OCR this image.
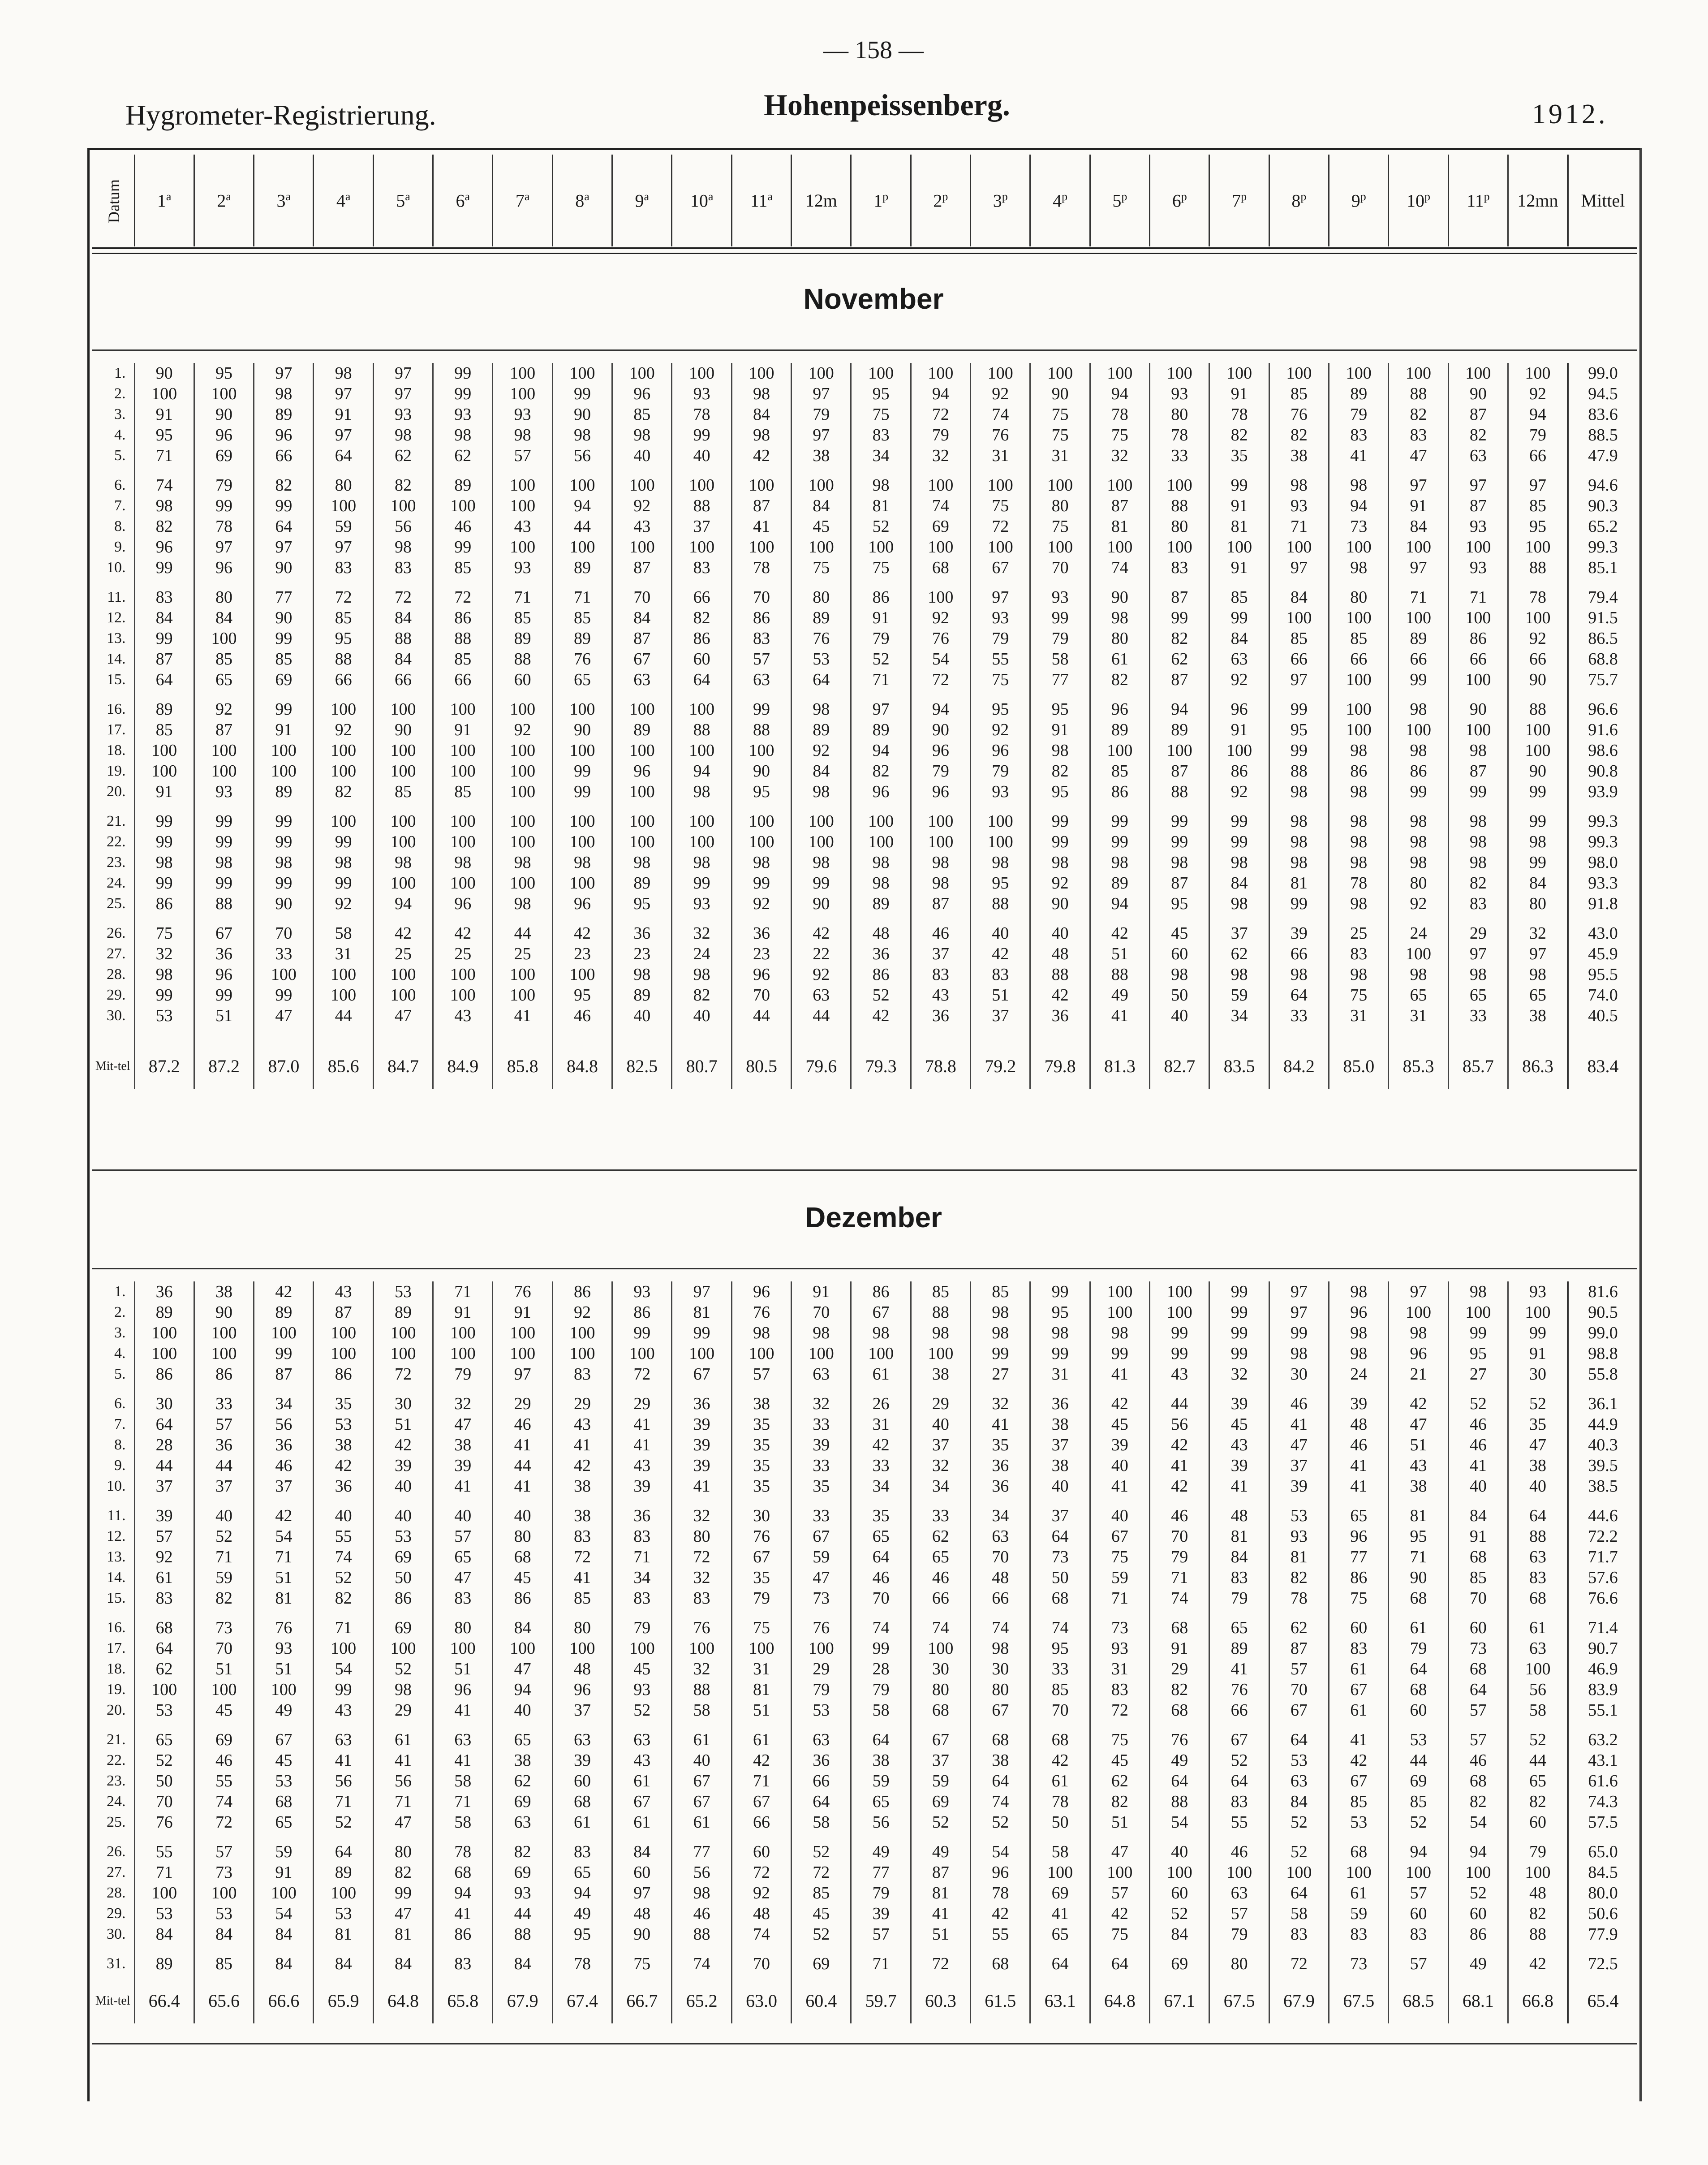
— 158 —
Hygrometer-Registrierung.	Hohenpeissenberg.	1912.
Datum	1$^a$	2$^a$	3$^a$	4$^a$	5$^a$	6$^a$	7$^a$	8$^a$	9$^a$	10$^a$	11$^a$	12m	1$^p$	2$^p$	3$^p$	4$^p$	5$^p$	6$^p$	7$^p$	8$^p$	9$^p$	10$^p$	11$^p$	12mn	Mittel
November
1.	90	95	97	98	97	99	100	100	100	100	100	100	100	100	100	100	100	100	100	100	100	100	100	100	99.0
2.	100	100	98	97	97	99	100	99	96	93	98	97	95	94	92	90	94	93	91	85	89	88	90	92	94.5
3.	91	90	89	91	93	93	93	90	85	78	84	79	75	72	74	75	78	80	78	76	79	82	87	94	83.6
4.	95	96	96	97	98	98	98	98	98	99	98	97	83	79	76	75	75	78	82	82	83	83	82	79	88.5
5.	71	69	66	64	62	62	57	56	40	40	42	38	34	32	31	31	32	33	35	38	41	47	63	66	47.9

6.	74	79	82	80	82	89	100	100	100	100	100	100	98	100	100	100	100	100	99	98	98	97	97	97	94.6
7.	98	99	99	100	100	100	100	94	92	88	87	84	81	74	75	80	87	88	91	93	94	91	87	85	90.3
8.	82	78	64	59	56	46	43	44	43	37	41	45	52	69	72	75	81	80	81	71	73	84	93	95	65.2
9.	96	97	97	97	98	99	100	100	100	100	100	100	100	100	100	100	100	100	100	100	100	100	100	100	99.3
10.	99	96	90	83	83	85	93	89	87	83	78	75	75	68	67	70	74	83	91	97	98	97	93	88	85.1

11.	83	80	77	72	72	72	71	71	70	66	70	80	86	100	97	93	90	87	85	84	80	71	71	78	79.4
12.	84	84	90	85	84	86	85	85	84	82	86	89	91	92	93	99	98	99	99	100	100	100	100	100	91.5
13.	99	100	99	95	88	88	89	89	87	86	83	76	79	76	79	79	80	82	84	85	85	89	86	92	86.5
14.	87	85	85	88	84	85	88	76	67	60	57	53	52	54	55	58	61	62	63	66	66	66	66	66	68.8
15.	64	65	69	66	66	66	60	65	63	64	63	64	71	72	75	77	82	87	92	97	100	99	100	90	75.7

16.	89	92	99	100	100	100	100	100	100	100	99	98	97	94	95	95	96	94	96	99	100	98	90	88	96.6
17.	85	87	91	92	90	91	92	90	89	88	88	89	89	90	92	91	89	89	91	95	100	100	100	100	91.6
18.	100	100	100	100	100	100	100	100	100	100	100	92	94	96	96	98	100	100	100	99	98	98	98	100	98.6
19.	100	100	100	100	100	100	100	99	96	94	90	84	82	79	79	82	85	87	86	88	86	86	87	90	90.8
20.	91	93	89	82	85	85	100	99	100	98	95	98	96	96	93	95	86	88	92	98	98	99	99	99	93.9

21.	99	99	99	100	100	100	100	100	100	100	100	100	100	100	100	99	99	99	99	98	98	98	98	99	99.3
22.	99	99	99	99	100	100	100	100	100	100	100	100	100	100	100	99	99	99	99	98	98	98	98	98	99.3
23.	98	98	98	98	98	98	98	98	98	98	98	98	98	98	98	98	98	98	98	98	98	98	98	99	98.0
24.	99	99	99	99	100	100	100	100	89	99	99	99	98	98	95	92	89	87	84	81	78	80	82	84	93.3
25.	86	88	90	92	94	96	98	96	95	93	92	90	89	87	88	90	94	95	98	99	98	92	83	80	91.8

26.	75	67	70	58	42	42	44	42	36	32	36	42	48	46	40	40	42	45	37	39	25	24	29	32	43.0
27.	32	36	33	31	25	25	25	23	23	24	23	22	36	37	42	48	51	60	62	66	83	100	97	97	45.9
28.	98	96	100	100	100	100	100	100	98	98	96	92	86	83	83	88	88	98	98	98	98	98	98	98	95.5
29.	99	99	99	100	100	100	100	95	89	82	70	63	52	43	51	42	49	50	59	64	75	65	65	65	74.0
30.	53	51	47	44	47	43	41	46	40	40	44	44	42	36	37	36	41	40	34	33	31	31	33	38	40.5

Mit-tel	87.2	87.2	87.0	85.6	84.7	84.9	85.8	84.8	82.5	80.7	80.5	79.6	79.3	78.8	79.2	79.8	81.3	82.7	83.5	84.2	85.0	85.3	85.7	86.3	83.4
Dezember
1.	36	38	42	43	53	71	76	86	93	97	96	91	86	85	85	99	100	100	99	97	98	97	98	93	81.6
2.	89	90	89	87	89	91	91	92	86	81	76	70	67	88	98	95	100	100	99	97	96	100	100	100	90.5
3.	100	100	100	100	100	100	100	100	99	99	98	98	98	98	98	98	98	99	99	99	98	98	99	99	99.0
4.	100	100	99	100	100	100	100	100	100	100	100	100	100	100	99	99	99	99	99	98	98	96	95	91	98.8
5.	86	86	87	86	72	79	97	83	72	67	57	63	61	38	27	31	41	43	32	30	24	21	27	30	55.8

6.	30	33	34	35	30	32	29	29	29	36	38	32	26	29	32	36	42	44	39	46	39	42	52	52	36.1
7.	64	57	56	53	51	47	46	43	41	39	35	33	31	40	41	38	45	56	45	41	48	47	46	35	44.9
8.	28	36	36	38	42	38	41	41	41	39	35	39	42	37	35	37	39	42	43	47	46	51	46	47	40.3
9.	44	44	46	42	39	39	44	42	43	39	35	33	33	32	36	38	40	41	39	37	41	43	41	38	39.5
10.	37	37	37	36	40	41	41	38	39	41	35	35	34	34	36	40	41	42	41	39	41	38	40	40	38.5

11.	39	40	42	40	40	40	40	38	36	32	30	33	35	33	34	37	40	46	48	53	65	81	84	64	44.6
12.	57	52	54	55	53	57	80	83	83	80	76	67	65	62	63	64	67	70	81	93	96	95	91	88	72.2
13.	92	71	71	74	69	65	68	72	71	72	67	59	64	65	70	73	75	79	84	81	77	71	68	63	71.7
14.	61	59	51	52	50	47	45	41	34	32	35	47	46	46	48	50	59	71	83	82	86	90	85	83	57.6
15.	83	82	81	82	86	83	86	85	83	83	79	73	70	66	66	68	71	74	79	78	75	68	70	68	76.6

16.	68	73	76	71	69	80	84	80	79	76	75	76	74	74	74	74	73	68	65	62	60	61	60	61	71.4
17.	64	70	93	100	100	100	100	100	100	100	100	100	99	100	98	95	93	91	89	87	83	79	73	63	90.7
18.	62	51	51	54	52	51	47	48	45	32	31	29	28	30	30	33	31	29	41	57	61	64	68	100	46.9
19.	100	100	100	99	98	96	94	96	93	88	81	79	79	80	80	85	83	82	76	70	67	68	64	56	83.9
20.	53	45	49	43	29	41	40	37	52	58	51	53	58	68	67	70	72	68	66	67	61	60	57	58	55.1

21.	65	69	67	63	61	63	65	63	63	61	61	63	64	67	68	68	75	76	67	64	41	53	57	52	63.2
22.	52	46	45	41	41	41	38	39	43	40	42	36	38	37	38	42	45	49	52	53	42	44	46	44	43.1
23.	50	55	53	56	56	58	62	60	61	67	71	66	59	59	64	61	62	64	64	63	67	69	68	65	61.6
24.	70	74	68	71	71	71	69	68	67	67	67	64	65	69	74	78	82	88	83	84	85	85	82	82	74.3
25.	76	72	65	52	47	58	63	61	61	61	66	58	56	52	52	50	51	54	55	52	53	52	54	60	57.5

26.	55	57	59	64	80	78	82	83	84	77	60	52	49	49	54	58	47	40	46	52	68	94	94	79	65.0
27.	71	73	91	89	82	68	69	65	60	56	72	72	77	87	96	100	100	100	100	100	100	100	100	100	84.5
28.	100	100	100	100	99	94	93	94	97	98	92	85	79	81	78	69	57	60	63	64	61	57	52	48	80.0
29.	53	53	54	53	47	41	44	49	48	46	48	45	39	41	42	41	42	52	57	58	59	60	60	82	50.6
30.	84	84	84	81	81	86	88	95	90	88	74	52	57	51	55	65	75	84	79	83	83	83	86	88	77.9

31.	89	85	84	84	84	83	84	78	75	74	70	69	71	72	68	64	64	69	80	72	73	57	49	42	72.5

Mit-tel	66.4	65.6	66.6	65.9	64.8	65.8	67.9	67.4	66.7	65.2	63.0	60.4	59.7	60.3	61.5	63.1	64.8	67.1	67.5	67.9	67.5	68.5	68.1	66.8	65.4
